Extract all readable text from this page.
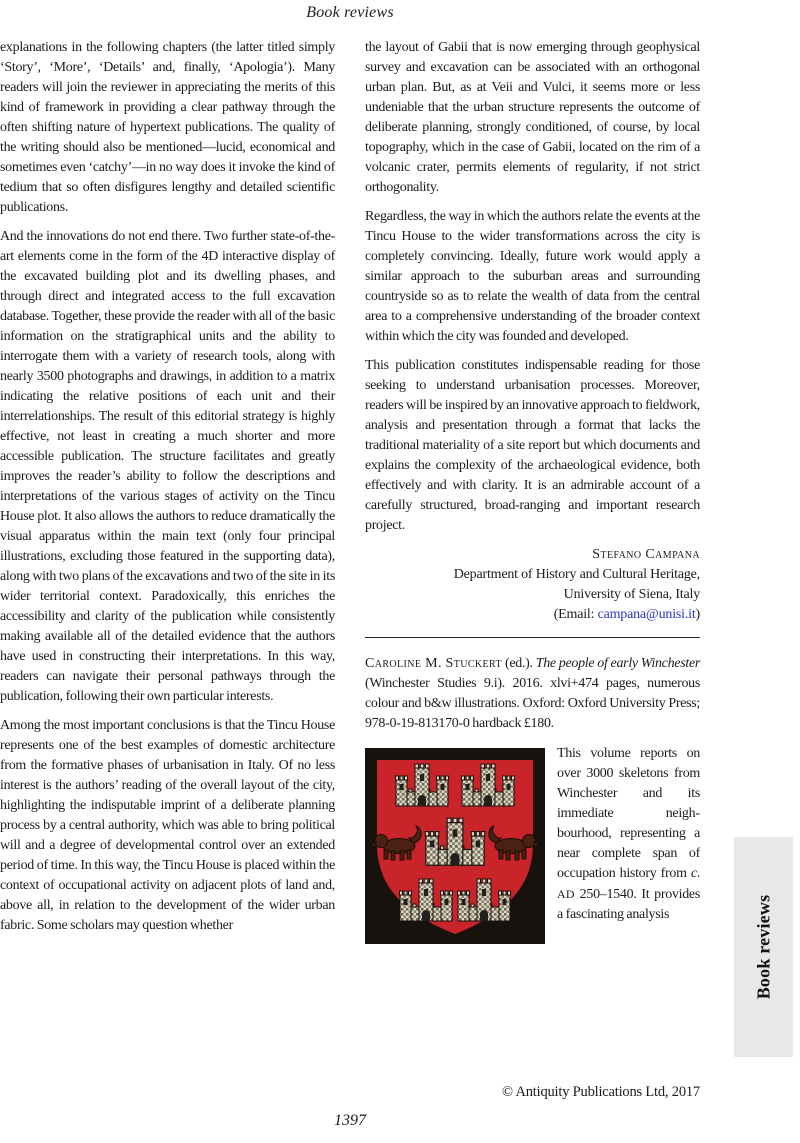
Book reviews

explanations in the following chapters (the latter titled simply ‘Story’, ‘More’, ‘Details’ and, finally, ‘Apologia’). Many readers will join the reviewer in appreciating the merits of this kind of framework in providing a clear pathway through the often shifting nature of hypertext publications. The quality of the writing should also be mentioned—lucid, economical and sometimes even ‘catchy’—in no way does it invoke the kind of tedium that so often disfigures lengthy and detailed scientific publications.

And the innovations do not end there. Two further state-of-the-art elements come in the form of the 4D interactive display of the excavated building plot and its dwelling phases, and through direct and integrated access to the full excavation database. Together, these provide the reader with all of the basic information on the stratigraphical units and the ability to interrogate them with a variety of research tools, along with nearly 3500 photographs and drawings, in addition to a matrix indicating the relative positions of each unit and their interrelationships. The result of this editorial strategy is highly effective, not least in creating a much shorter and more accessible publication. The structure facilitates and greatly improves the reader’s ability to follow the descriptions and interpretations of the various stages of activity on the Tincu House plot. It also allows the authors to reduce dramatically the visual apparatus within the main text (only four principal illustrations, excluding those featured in the supporting data), along with two plans of the excavations and two of the site in its wider territorial context. Paradoxically, this enriches the accessibility and clarity of the publication while consistently making available all of the detailed evidence that the authors have used in constructing their interpretations. In this way, readers can navigate their personal pathways through the publication, following their own particular interests.

Among the most important conclusions is that the Tincu House represents one of the best examples of domestic architecture from the formative phases of urbanisation in Italy. Of no less interest is the authors’ reading of the overall layout of the city, highlighting the indisputable imprint of a deliberate planning process by a central authority, which was able to bring political will and a degree of developmental control over an extended period of time. In this way, the Tincu House is placed within the context of occupational activity on adjacent plots of land and, above all, in relation to the development of the wider urban fabric. Some scholars may question whether

the layout of Gabii that is now emerging through geophysical survey and excavation can be associated with an orthogonal urban plan. But, as at Veii and Vulci, it seems more or less undeniable that the urban structure represents the outcome of deliberate planning, strongly conditioned, of course, by local topography, which in the case of Gabii, located on the rim of a volcanic crater, permits elements of regularity, if not strict orthogonality.

Regardless, the way in which the authors relate the events at the Tincu House to the wider transformations across the city is completely convincing. Ideally, future work would apply a similar approach to the suburban areas and surrounding countryside so as to relate the wealth of data from the central area to a comprehensive understanding of the broader context within which the city was founded and developed.

This publication constitutes indispensable reading for those seeking to understand urbanisation processes. Moreover, readers will be inspired by an innovative approach to fieldwork, analysis and presentation through a format that lacks the traditional materiality of a site report but which documents and explains the complexity of the archaeological evidence, both effectively and with clarity. It is an admirable account of a carefully structured, broad-ranging and important research project.

Stefano Campana
Department of History and Cultural Heritage,
University of Siena, Italy
(Email: campana@unisi.it)

Caroline M. Stuckert (ed.). The people of early Winchester (Winchester Studies 9.i). 2016. xlvi+474 pages, numerous colour and b&w illustrations. Oxford: Oxford University Press; 978-0-19-813170-0 hardback £180.

This volume reports on over 3000 skeletons from Winchester and its immediate neighbourhood, representing a near complete span of occupation history from c. AD 250–1540. It provides a fascinating analysis	Book reviews
© Antiquity Publications Ltd, 2017
1397
